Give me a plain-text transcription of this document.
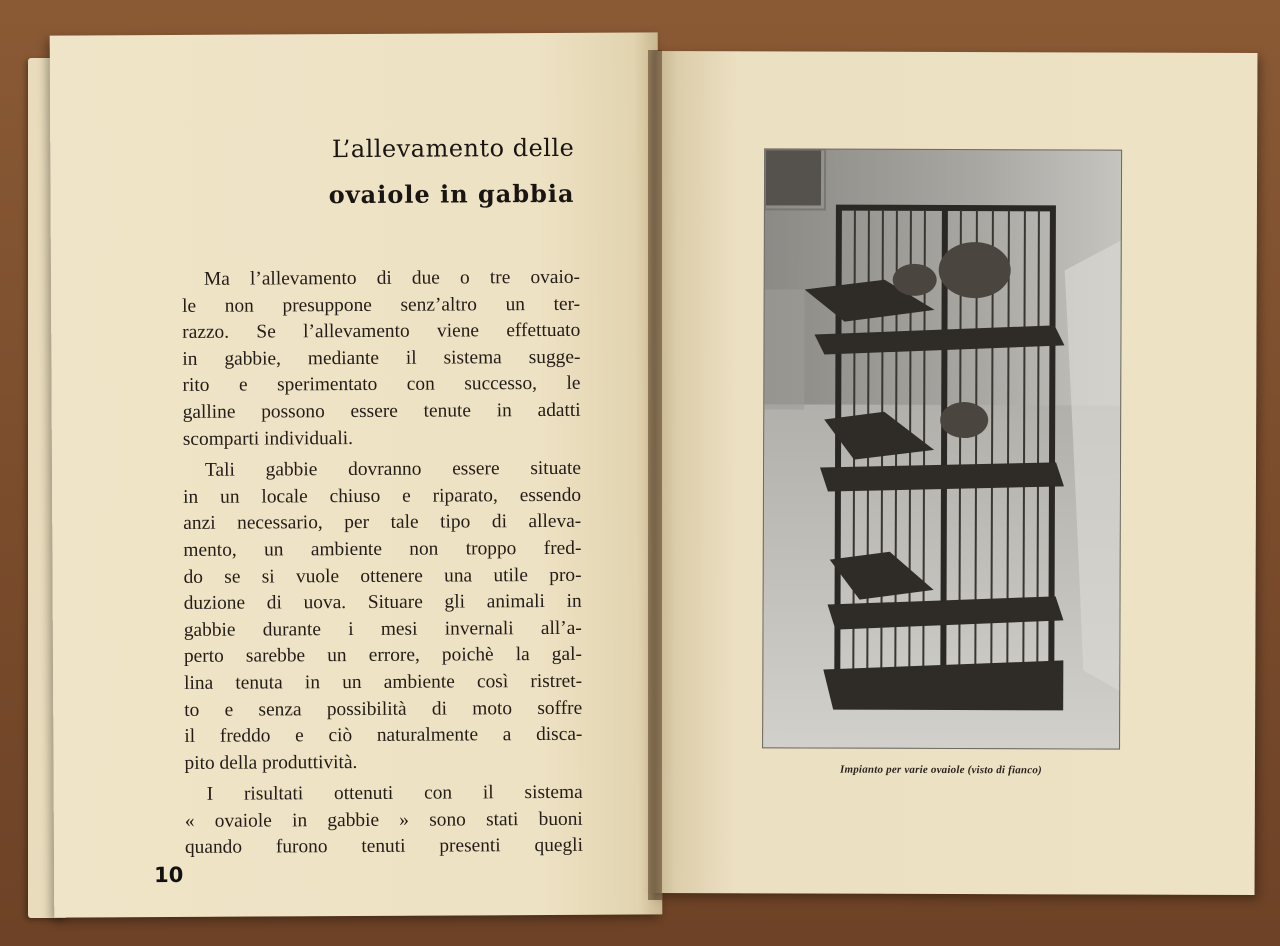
L’allevamento delle
ovaiole in gabbia

Ma l’allevamento di due o tre ovaio-
le non presuppone senz’altro un ter-
razzo. Se l’allevamento viene effettuato
in gabbie, mediante il sistema sugge-
rito e sperimentato con successo, le
galline possono essere tenute in adatti
scomparti individuali.

Tali gabbie dovranno essere situate
in un locale chiuso e riparato, essendo
anzi necessario, per tale tipo di alleva-
mento, un ambiente non troppo fred-
do se si vuole ottenere una utile pro-
duzione di uova. Situare gli animali in
gabbie durante i mesi invernali all’a-
perto sarebbe un errore, poichè la gal-
lina tenuta in un ambiente così ristret-
to e senza possibilità di moto soffre
il freddo e ciò naturalmente a disca-
pito della produttività.

I risultati ottenuti con il sistema
« ovaiole in gabbie » sono stati buoni
quando furono tenuti presenti quegli

10
Impianto per varie ovaiole (visto di fianco)
